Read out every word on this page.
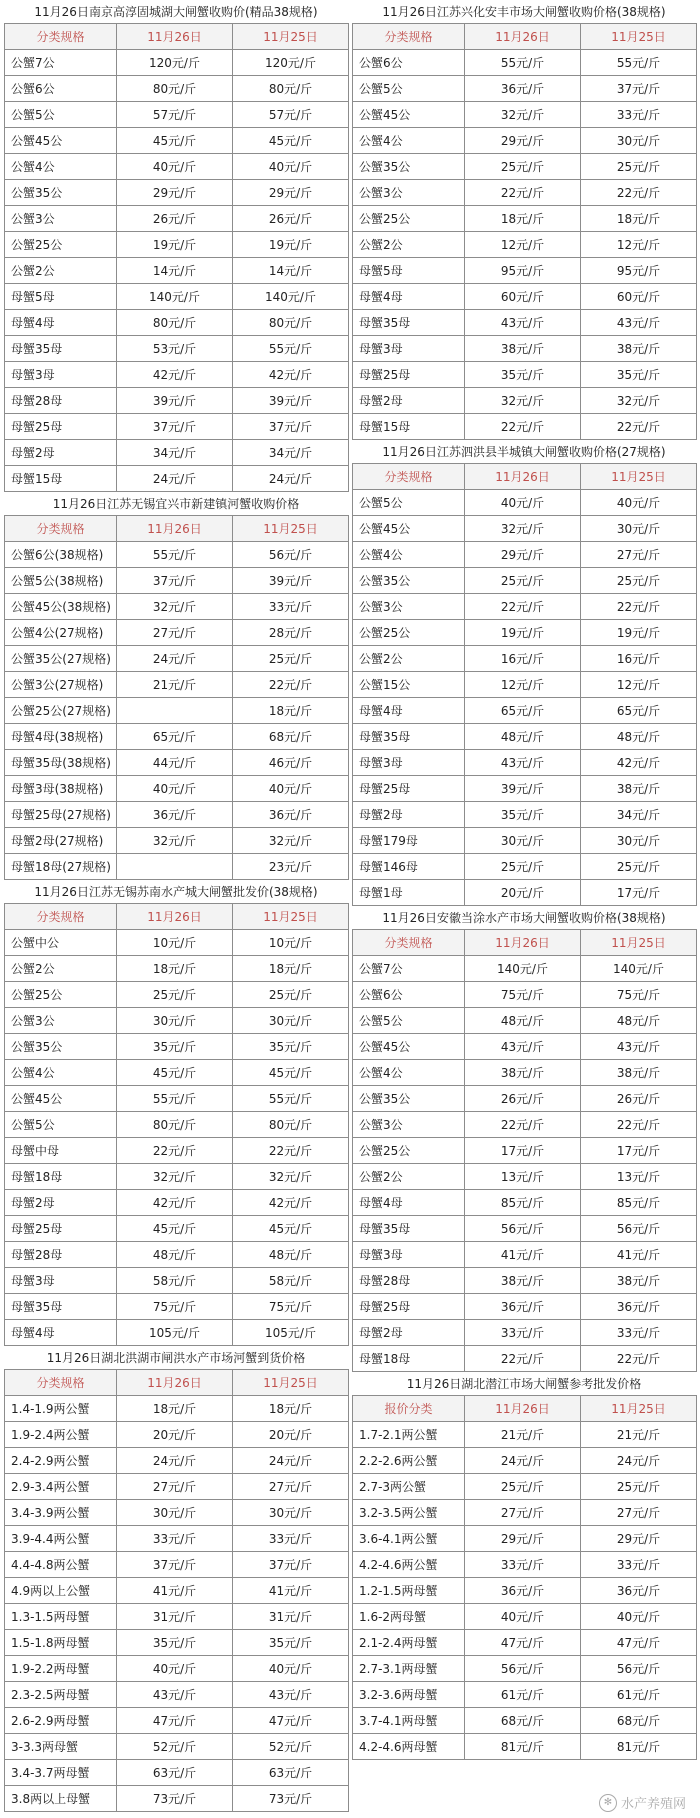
11月26日南京高淳固城湖大闸蟹收购价(精品38规格)
分类规格	11月26日	11月25日
公蟹7公	120元/斤	120元/斤
公蟹6公	80元/斤	80元/斤
公蟹5公	57元/斤	57元/斤
公蟹45公	45元/斤	45元/斤
公蟹4公	40元/斤	40元/斤
公蟹35公	29元/斤	29元/斤
公蟹3公	26元/斤	26元/斤
公蟹25公	19元/斤	19元/斤
公蟹2公	14元/斤	14元/斤
母蟹5母	140元/斤	140元/斤
母蟹4母	80元/斤	80元/斤
母蟹35母	53元/斤	55元/斤
母蟹3母	42元/斤	42元/斤
母蟹28母	39元/斤	39元/斤
母蟹25母	37元/斤	37元/斤
母蟹2母	34元/斤	34元/斤
母蟹15母	24元/斤	24元/斤
11月26日江苏无锡宜兴市新建镇河蟹收购价格
分类规格	11月26日	11月25日
公蟹6公(38规格)	55元/斤	56元/斤
公蟹5公(38规格)	37元/斤	39元/斤
公蟹45公(38规格)	32元/斤	33元/斤
公蟹4公(27规格)	27元/斤	28元/斤
公蟹35公(27规格)	24元/斤	25元/斤
公蟹3公(27规格)	21元/斤	22元/斤
公蟹25公(27规格)		18元/斤
母蟹4母(38规格)	65元/斤	68元/斤
母蟹35母(38规格)	44元/斤	46元/斤
母蟹3母(38规格)	40元/斤	40元/斤
母蟹25母(27规格)	36元/斤	36元/斤
母蟹2母(27规格)	32元/斤	32元/斤
母蟹18母(27规格)		23元/斤
11月26日江苏无锡苏南水产城大闸蟹批发价(38规格)
分类规格	11月26日	11月25日
公蟹中公	10元/斤	10元/斤
公蟹2公	18元/斤	18元/斤
公蟹25公	25元/斤	25元/斤
公蟹3公	30元/斤	30元/斤
公蟹35公	35元/斤	35元/斤
公蟹4公	45元/斤	45元/斤
公蟹45公	55元/斤	55元/斤
公蟹5公	80元/斤	80元/斤
母蟹中母	22元/斤	22元/斤
母蟹18母	32元/斤	32元/斤
母蟹2母	42元/斤	42元/斤
母蟹25母	45元/斤	45元/斤
母蟹28母	48元/斤	48元/斤
母蟹3母	58元/斤	58元/斤
母蟹35母	75元/斤	75元/斤
母蟹4母	105元/斤	105元/斤
11月26日湖北洪湖市闸洪水产市场河蟹到货价格
分类规格	11月26日	11月25日
1.4-1.9两公蟹	18元/斤	18元/斤
1.9-2.4两公蟹	20元/斤	20元/斤
2.4-2.9两公蟹	24元/斤	24元/斤
2.9-3.4两公蟹	27元/斤	27元/斤
3.4-3.9两公蟹	30元/斤	30元/斤
3.9-4.4两公蟹	33元/斤	33元/斤
4.4-4.8两公蟹	37元/斤	37元/斤
4.9两以上公蟹	41元/斤	41元/斤
1.3-1.5两母蟹	31元/斤	31元/斤
1.5-1.8两母蟹	35元/斤	35元/斤
1.9-2.2两母蟹	40元/斤	40元/斤
2.3-2.5两母蟹	43元/斤	43元/斤
2.6-2.9两母蟹	47元/斤	47元/斤
3-3.3两母蟹	52元/斤	52元/斤
3.4-3.7两母蟹	63元/斤	63元/斤
3.8两以上母蟹	73元/斤	73元/斤
11月26日江苏兴化安丰市场大闸蟹收购价格(38规格)
分类规格	11月26日	11月25日
公蟹6公	55元/斤	55元/斤
公蟹5公	36元/斤	37元/斤
公蟹45公	32元/斤	33元/斤
公蟹4公	29元/斤	30元/斤
公蟹35公	25元/斤	25元/斤
公蟹3公	22元/斤	22元/斤
公蟹25公	18元/斤	18元/斤
公蟹2公	12元/斤	12元/斤
母蟹5母	95元/斤	95元/斤
母蟹4母	60元/斤	60元/斤
母蟹35母	43元/斤	43元/斤
母蟹3母	38元/斤	38元/斤
母蟹25母	35元/斤	35元/斤
母蟹2母	32元/斤	32元/斤
母蟹15母	22元/斤	22元/斤
11月26日江苏泗洪县半城镇大闸蟹收购价格(27规格)
分类规格	11月26日	11月25日
公蟹5公	40元/斤	40元/斤
公蟹45公	32元/斤	30元/斤
公蟹4公	29元/斤	27元/斤
公蟹35公	25元/斤	25元/斤
公蟹3公	22元/斤	22元/斤
公蟹25公	19元/斤	19元/斤
公蟹2公	16元/斤	16元/斤
公蟹15公	12元/斤	12元/斤
母蟹4母	65元/斤	65元/斤
母蟹35母	48元/斤	48元/斤
母蟹3母	43元/斤	42元/斤
母蟹25母	39元/斤	38元/斤
母蟹2母	35元/斤	34元/斤
母蟹179母	30元/斤	30元/斤
母蟹146母	25元/斤	25元/斤
母蟹1母	20元/斤	17元/斤
11月26日安徽当涂水产市场大闸蟹收购价格(38规格)
分类规格	11月26日	11月25日
公蟹7公	140元/斤	140元/斤
公蟹6公	75元/斤	75元/斤
公蟹5公	48元/斤	48元/斤
公蟹45公	43元/斤	43元/斤
公蟹4公	38元/斤	38元/斤
公蟹35公	26元/斤	26元/斤
公蟹3公	22元/斤	22元/斤
公蟹25公	17元/斤	17元/斤
公蟹2公	13元/斤	13元/斤
母蟹4母	85元/斤	85元/斤
母蟹35母	56元/斤	56元/斤
母蟹3母	41元/斤	41元/斤
母蟹28母	38元/斤	38元/斤
母蟹25母	36元/斤	36元/斤
母蟹2母	33元/斤	33元/斤
母蟹18母	22元/斤	22元/斤
11月26日湖北潜江市场大闸蟹参考批发价格
报价分类	11月26日	11月25日
1.7-2.1两公蟹	21元/斤	21元/斤
2.2-2.6两公蟹	24元/斤	24元/斤
2.7-3两公蟹	25元/斤	25元/斤
3.2-3.5两公蟹	27元/斤	27元/斤
3.6-4.1两公蟹	29元/斤	29元/斤
4.2-4.6两公蟹	33元/斤	33元/斤
1.2-1.5两母蟹	36元/斤	36元/斤
1.6-2两母蟹	40元/斤	40元/斤
2.1-2.4两母蟹	47元/斤	47元/斤
2.7-3.1两母蟹	56元/斤	56元/斤
3.2-3.6两母蟹	61元/斤	61元/斤
3.7-4.1两母蟹	68元/斤	68元/斤
4.2-4.6两母蟹	81元/斤	81元/斤
✻ 水产养殖网
